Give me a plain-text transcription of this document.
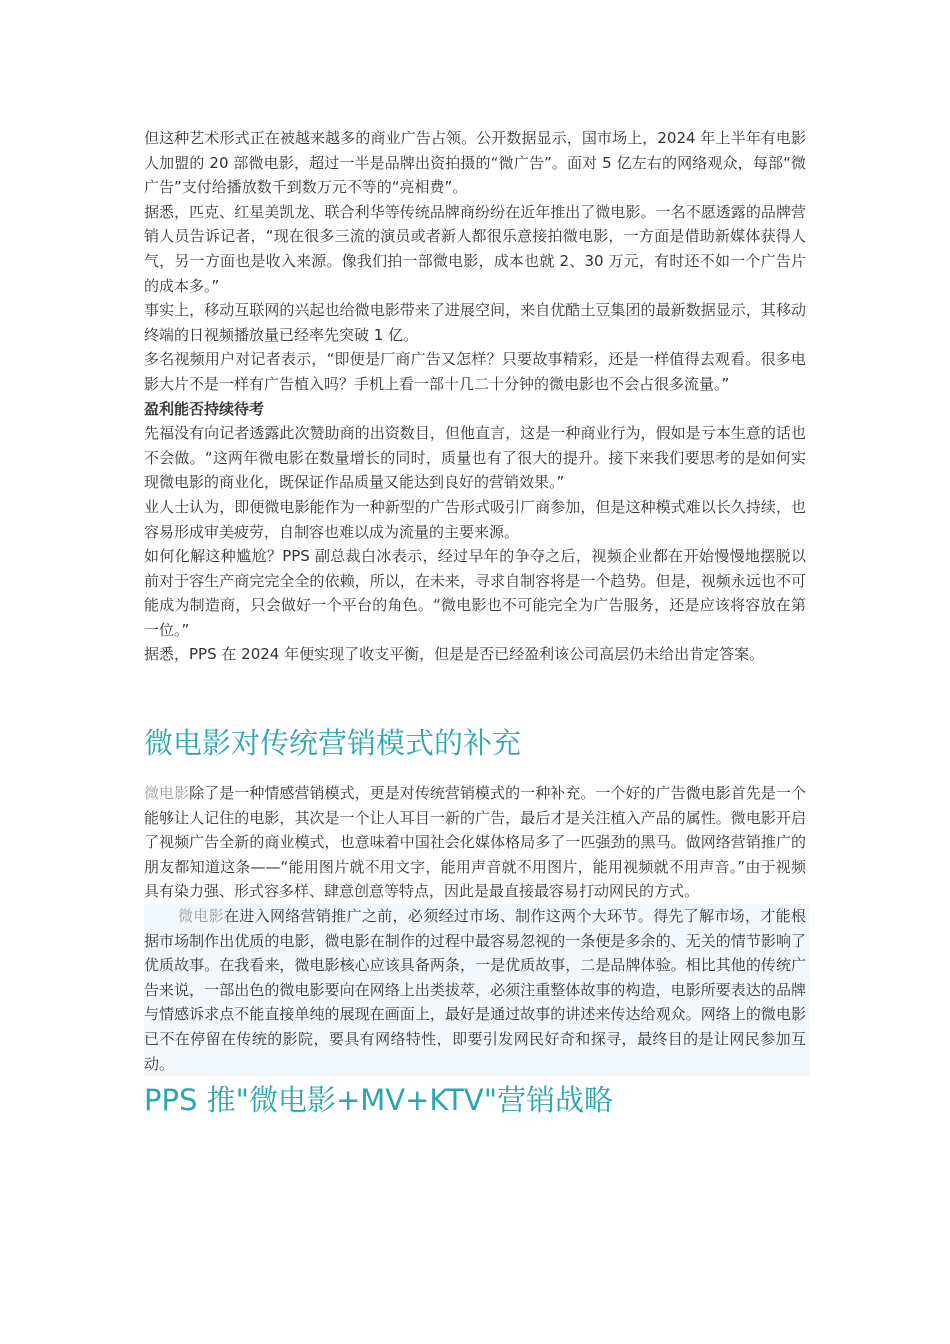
但这种艺术形式正在被越来越多的商业广告占领。公开数据显示，国市场上，2024 年上半年有电影人加盟的 20 部微电影，超过一半是品牌出资拍摄的“微广告”。面对 5 亿左右的网络观众，每部“微广告”支付给播放数千到数万元不等的“亮相费”。

据悉，匹克、红星美凯龙、联合利华等传统品牌商纷纷在近年推出了微电影。一名不愿透露的品牌营销人员告诉记者，“现在很多三流的演员或者新人都很乐意接拍微电影，一方面是借助新媒体获得人气，另一方面也是收入来源。像我们拍一部微电影，成本也就 2、30 万元，有时还不如一个广告片的成本多。”

事实上，移动互联网的兴起也给微电影带来了进展空间，来自优酷土豆集团的最新数据显示，其移动终端的日视频播放量已经率先突破 1 亿。

多名视频用户对记者表示，“即便是厂商广告又怎样？只要故事精彩，还是一样值得去观看。很多电影大片不是一样有广告植入吗？手机上看一部十几二十分钟的微电影也不会占很多流量。”

盈利能否持续待考

先福没有向记者透露此次赞助商的出资数目，但他直言，这是一种商业行为，假如是亏本生意的话也不会做。“这两年微电影在数量增长的同时，质量也有了很大的提升。接下来我们要思考的是如何实现微电影的商业化，既保证作品质量又能达到良好的营销效果。”

业人士认为，即便微电影能作为一种新型的广告形式吸引厂商参加，但是这种模式难以长久持续，也容易形成审美疲劳，自制容也难以成为流量的主要来源。

如何化解这种尴尬？PPS 副总裁白冰表示，经过早年的争夺之后，视频企业都在开始慢慢地摆脱以前对于容生产商完完全全的依赖，所以，在未来，寻求自制容将是一个趋势。但是，视频永远也不可能成为制造商，只会做好一个平台的角色。“微电影也不可能完全为广告服务，还是应该将容放在第一位。”

据悉，PPS 在 2024 年便实现了收支平衡，但是是否已经盈利该公司高层仍未给出肯定答案。

微电影对传统营销模式的补充

微电影除了是一种情感营销模式，更是对传统营销模式的一种补充。一个好的广告微电影首先是一个能够让人记住的电影，其次是一个让人耳目一新的广告，最后才是关注植入产品的属性。微电影开启了视频广告全新的商业模式，也意味着中国社会化媒体格局多了一匹强劲的黑马。做网络营销推广的朋友都知道这条——“能用图片就不用文字，能用声音就不用图片，能用视频就不用声音。”由于视频具有染力强、形式容多样、肆意创意等特点，因此是最直接最容易打动网民的方式。

微电影在进入网络营销推广之前，必须经过市场、制作这两个大环节。得先了解市场，才能根据市场制作出优质的电影，微电影在制作的过程中最容易忽视的一条便是多余的、无关的情节影响了优质故事。在我看来，微电影核心应该具备两条，一是优质故事，二是品牌体验。相比其他的传统广告来说，一部出色的微电影要向在网络上出类拔萃，必须注重整体故事的构造，电影所要表达的品牌与情感诉求点不能直接单纯的展现在画面上，最好是通过故事的讲述来传达给观众。网络上的微电影已不在停留在传统的影院，要具有网络特性，即要引发网民好奇和探寻，最终目的是让网民参加互动。

PPS 推"微电影+MV+KTV"营销战略
